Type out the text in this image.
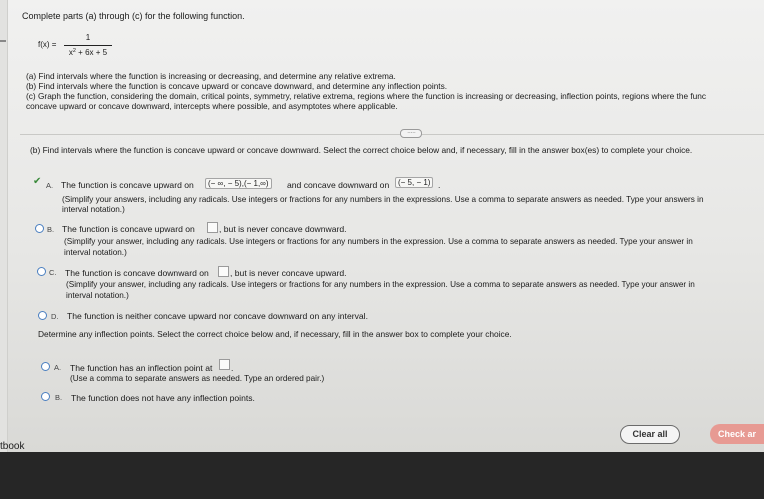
Complete parts (a) through (c) for the following function.
f(x) =
1
$x^2 + 6x + 5$
(a) Find intervals where the function is increasing or decreasing, and determine any relative extrema.
(b) Find intervals where the function is concave upward or concave downward, and determine any inflection points.
(c) Graph the function, considering the domain, critical points, symmetry, relative extrema, regions where the function is increasing or decreasing, inflection points, regions where the func
concave upward or concave downward, intercepts where possible, and asymptotes where applicable.
· · · · ·
(b) Find intervals where the function is concave upward or concave downward. Select the correct choice below and, if necessary, fill in the answer box(es) to complete your choice.
✔ A. The function is concave upward on	(− ∞, − 5),(− 1,∞)	and concave downward on	(− 5, − 1) .
(Simplify your answers, including any radicals. Use integers or fractions for any numbers in the expressions. Use a comma to separate answers as needed. Type your answers in
interval notation.)
B. The function is concave upward on	, but is never concave downward.
(Simplify your answer, including any radicals. Use integers or fractions for any numbers in the expression. Use a comma to separate answers as needed. Type your answer in
interval notation.)
C. The function is concave downward on , but is never concave upward.
(Simplify your answer, including any radicals. Use integers or fractions for any numbers in the expression. Use a comma to separate answers as needed. Type your answer in
interval notation.)
D. The function is neither concave upward nor concave downward on any interval.
Determine any inflection points. Select the correct choice below and, if necessary, fill in the answer box to complete your choice.
A. The function has an inflection point at .
(Use a comma to separate answers as needed. Type an ordered pair.)
B. The function does not have any inflection points.
Clear all	Check ar
tbook
